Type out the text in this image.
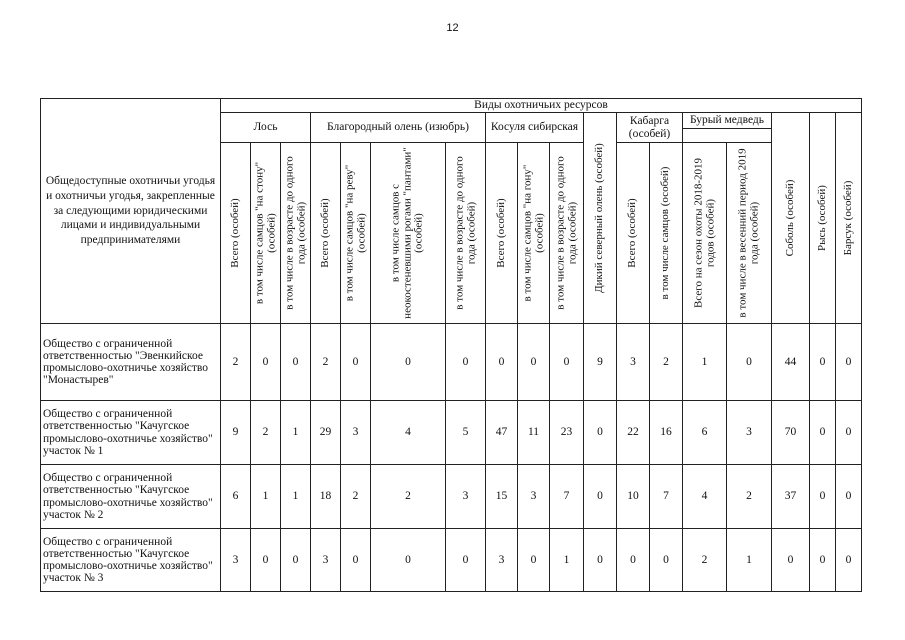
12
Общедоступные охотничьи угодья и охотничьи угодья, закрепленные за следующими юридическими лицами и индивидуальными предпринимателями	Виды охотничьих ресурсов																	
	Лось			Благородный олень (изюбрь)				Косуля сибирская			Дикий северный олень (особей)	Кабарга (особей)		Бурый медведь		Соболь (особей)	Рысь (особей)	Барсук (особей)

	Всего (особей)	в том числе самцов "на стону" (особей)	в том числе в возрасте до одного года (особей)	Всего (особей)	в том числе самцов "на реву" (особей)	в том числе самцов с неокостеневшими рогами "пантами" (особей)	в том числе в возрасте до одного года (особей)	Всего (особей)	в том числе самцов "на гону" (особей)	в том числе в возрасте до одного года (особей)		Всего (особей)	в том числе самцов (особей)	Всего на сезон охоты 2018-2019 годов (особей)	в том числе в весенний период 2019 года (особей)			

Общество с ограниченной ответственностью "Эвенкийское промыслово-охотничье хозяйство "Монастырев"	2	0	0	2	0	0	0	0	0	0	9	3	2	1	0	44	0	0
Общество с ограниченной ответственностью "Качугское промыслово-охотничье хозяйство" участок № 1	9	2	1	29	3	4	5	47	11	23	0	22	16	6	3	70	0	0
Общество с ограниченной ответственностью "Качугское промыслово-охотничье хозяйство" участок № 2	6	1	1	18	2	2	3	15	3	7	0	10	7	4	2	37	0	0
Общество с ограниченной ответственностью "Качугское промыслово-охотничье хозяйство" участок № 3	3	0	0	3	0	0	0	3	0	1	0	0	0	2	1	0	0	0
